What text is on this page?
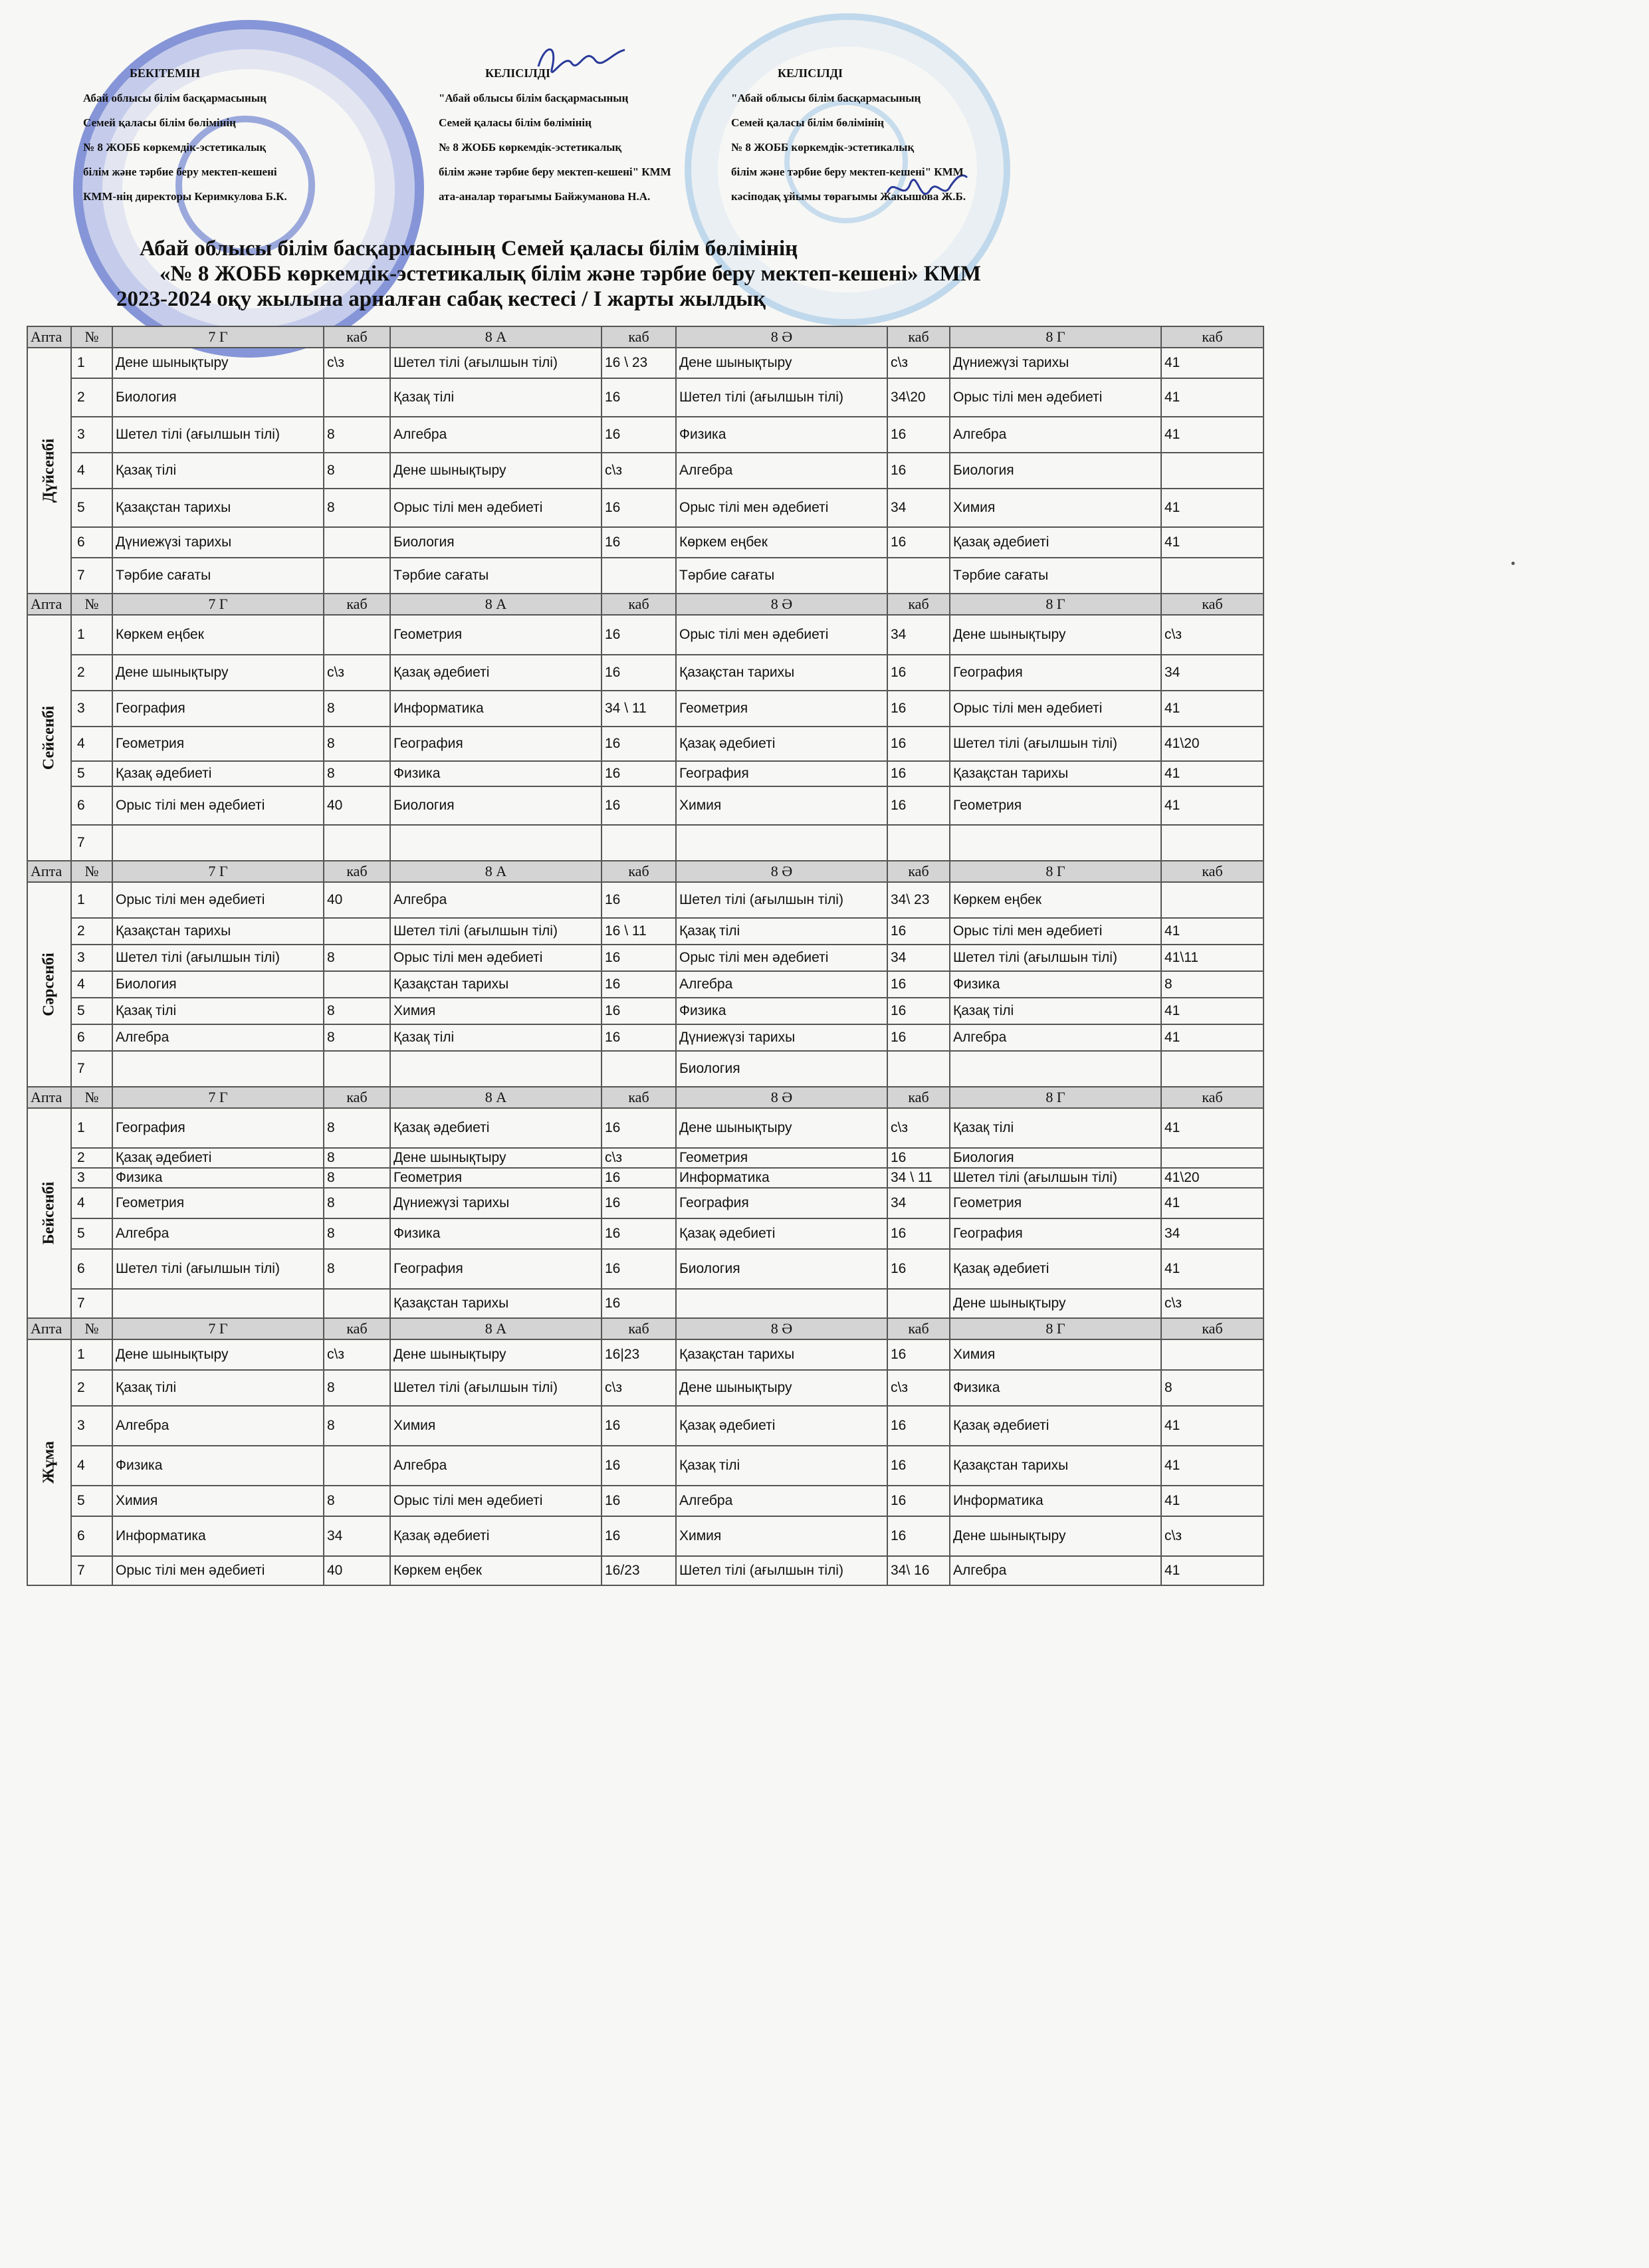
БЕКІТЕМІН
Абай облысы білім басқармасының
Семей қаласы білім бөлімінің
№ 8 ЖОББ көркемдік-эстетикалық
білім және тәрбие беру мектеп-кешені
КММ-нің директоры Керимкулова Б.К.
КЕЛІСІЛДІ
"Абай облысы білім басқармасының
Семей қаласы білім бөлімінің
№ 8 ЖОББ көркемдік-эстетикалық
білім және тәрбие беру мектеп-кешені" КММ
ата-аналар төрағымы Байжуманова Н.А.
КЕЛІСІЛДІ
"Абай облысы білім басқармасының
Семей қаласы білім бөлімінің
№ 8 ЖОББ көркемдік-эстетикалық
білім және тәрбие беру мектеп-кешені" КММ
кәсіподақ ұйымы төрағымы Жакышова Ж.Б.
Абай облысы білім басқармасының Семей қаласы білім бөлімінің
«№ 8 ЖОББ көркемдік-эстетикалық білім және тәрбие беру мектеп-кешені» КММ
2023-2024 оқу жылына арналған сабақ кестесі / І жарты жылдық
Апта	№	7 Г	каб	8 А	каб	8 Ә	каб	8 Г	каб

Дүйсенбі	1	Дене шынықтыру	с\з	Шетел тілі (ағылшын тілі)	16 \ 23	Дене шынықтыру	с\з	Дүниежүзі тарихы	41
	2	Биология		Қазақ тілі	16	Шетел тілі (ағылшын тілі)	34\20	Орыс тілі мен әдебиеті	41
	3	Шетел тілі (ағылшын тілі)	8	Алгебра	16	Физика	16	Алгебра	41
	4	Қазақ тілі	8	Дене шынықтыру	с\з	Алгебра	16	Биология	
	5	Қазақстан тарихы	8	Орыс тілі мен әдебиеті	16	Орыс тілі мен әдебиеті	34	Химия	41
	6	Дүниежүзі тарихы		Биология	16	Көркем еңбек	16	Қазақ әдебиеті	41
	7	Тәрбие сағаты		Тәрбие сағаты		Тәрбие сағаты		Тәрбие сағаты	
Апта	№	7 Г	каб	8 А	каб	8 Ә	каб	8 Г	каб

Сейсенбі	1	Көркем еңбек		Геометрия	16	Орыс тілі мен әдебиеті	34	Дене шынықтыру	с\з
	2	Дене шынықтыру	с\з	Қазақ әдебиеті	16	Қазақстан тарихы	16	География	34
	3	География	8	Информатика	34 \ 11	Геометрия	16	Орыс тілі мен әдебиеті	41
	4	Геометрия	8	География	16	Қазақ әдебиеті	16	Шетел тілі (ағылшын тілі)	41\20
	5	Қазақ әдебиеті	8	Физика	16	География	16	Қазақстан тарихы	41
	6	Орыс тілі мен әдебиеті	40	Биология	16	Химия	16	Геометрия	41
	7								
Апта	№	7 Г	каб	8 А	каб	8 Ә	каб	8 Г	каб

Сәрсенбі	1	Орыс тілі мен әдебиеті	40	Алгебра	16	Шетел тілі (ағылшын тілі)	34\ 23	Көркем еңбек	
	2	Қазақстан тарихы		Шетел тілі (ағылшын тілі)	16 \ 11	Қазақ тілі	16	Орыс тілі мен әдебиеті	41
	3	Шетел тілі (ағылшын тілі)	8	Орыс тілі мен әдебиеті	16	Орыс тілі мен әдебиеті	34	Шетел тілі (ағылшын тілі)	41\11
	4	Биология		Қазақстан тарихы	16	Алгебра	16	Физика	8
	5	Қазақ тілі	8	Химия	16	Физика	16	Қазақ тілі	41
	6	Алгебра	8	Қазақ тілі	16	Дүниежүзі тарихы	16	Алгебра	41
	7					Биология			
Апта	№	7 Г	каб	8 А	каб	8 Ә	каб	8 Г	каб

Бейсенбі	1	География	8	Қазақ әдебиеті	16	Дене шынықтыру	с\з	Қазақ тілі	41
	2	Қазақ әдебиеті	8	Дене шынықтыру	с\з	Геометрия	16	Биология	
	3	Физика	8	Геометрия	16	Информатика	34 \ 11	Шетел тілі (ағылшын тілі)	41\20
	4	Геометрия	8	Дүниежүзі тарихы	16	География	34	Геометрия	41
	5	Алгебра	8	Физика	16	Қазақ әдебиеті	16	География	34
	6	Шетел тілі (ағылшын тілі)	8	География	16	Биология	16	Қазақ әдебиеті	41
	7			Қазақстан тарихы	16			Дене шынықтыру	с\з
Апта	№	7 Г	каб	8 А	каб	8 Ә	каб	8 Г	каб

Жұма	1	Дене шынықтыру	с\з	Дене шынықтыру	16|23	Қазақстан тарихы	16	Химия	
	2	Қазақ тілі	8	Шетел тілі (ағылшын тілі)	с\з	Дене шынықтыру	с\з	Физика	8
	3	Алгебра	8	Химия	16	Қазақ әдебиеті	16	Қазақ әдебиеті	41
	4	Физика		Алгебра	16	Қазақ тілі	16	Қазақстан тарихы	41
	5	Химия	8	Орыс тілі мен әдебиеті	16	Алгебра	16	Информатика	41
	6	Информатика	34	Қазақ әдебиеті	16	Химия	16	Дене шынықтыру	с\з
	7	Орыс тілі мен әдебиеті	40	Көркем еңбек	16/23	Шетел тілі (ағылшын тілі)	34\ 16	Алгебра	41
